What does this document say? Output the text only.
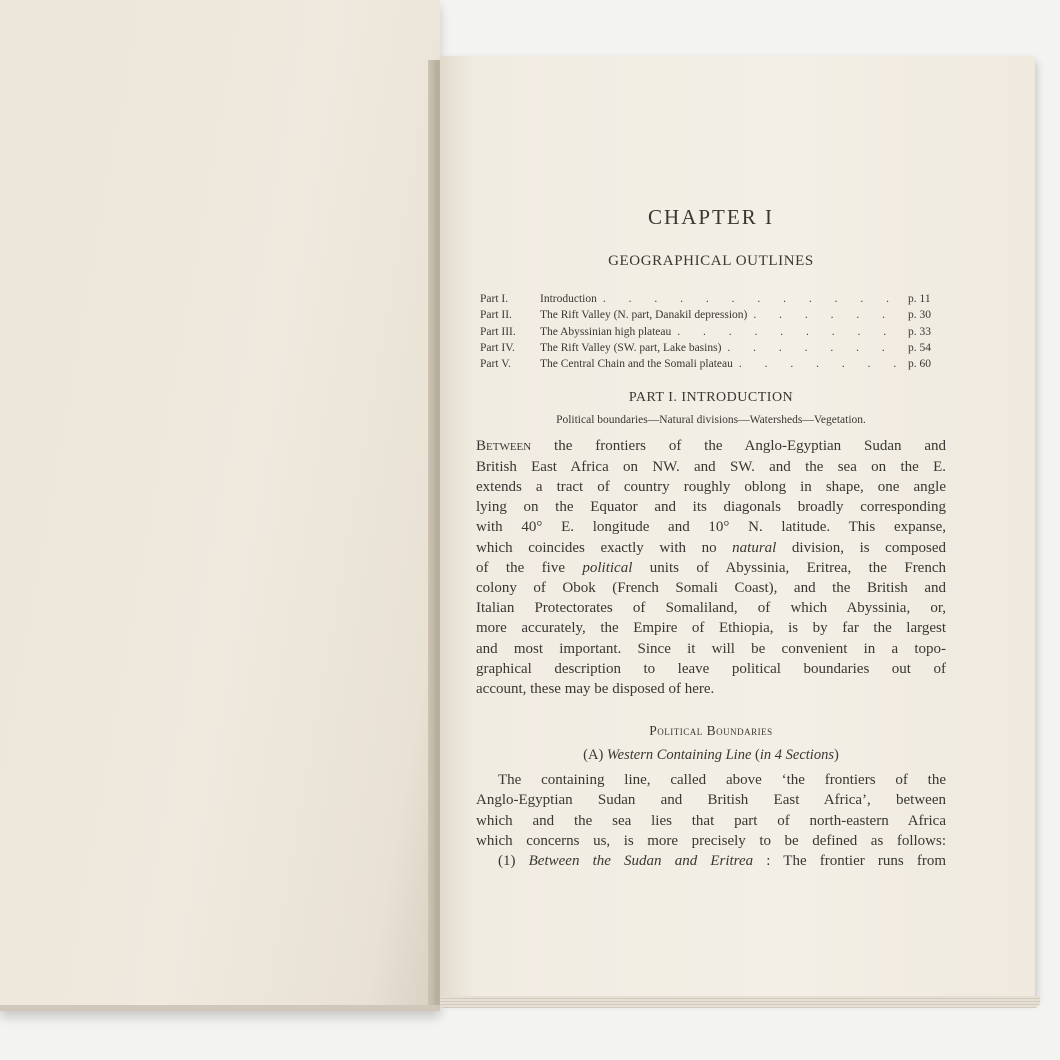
CHAPTER I
GEOGRAPHICAL OUTLINES
Part I.	Introduction . . .	p. 11
Part II.	The Rift Valley (N. part, Danakil depression) . . .	p. 30
Part III.	The Abyssinian high plateau . . .	p. 33
Part IV.	The Rift Valley (SW. part, Lake basins) . . .	p. 54
Part V.	The Central Chain and the Somali plateau . . .	p. 60
PART I. INTRODUCTION
Political boundaries—Natural divisions—Watersheds—Vegetation.

Between the frontiers of the Anglo-Egyptian Sudan and
British East Africa on NW. and SW. and the sea on the E.
extends a tract of country roughly oblong in shape, one angle
lying on the Equator and its diagonals broadly corresponding
with 40° E. longitude and 10° N. latitude. This expanse,
which coincides exactly with no natural division, is composed
of the five political units of Abyssinia, Eritrea, the French
colony of Obok (French Somali Coast), and the British and
Italian Protectorates of Somaliland, of which Abyssinia, or,
more accurately, the Empire of Ethiopia, is by far the largest
and most important. Since it will be convenient in a topo-
graphical description to leave political boundaries out of
account, these may be disposed of here.

Political Boundaries
(A) Western Containing Line (in 4 Sections)

The containing line, called above ‘the frontiers of the
Anglo-Egyptian Sudan and British East Africa’, between
which and the sea lies that part of north-eastern Africa
which concerns us, is more precisely to be defined as follows:
(1) Between the Sudan and Eritrea : The frontier runs from
